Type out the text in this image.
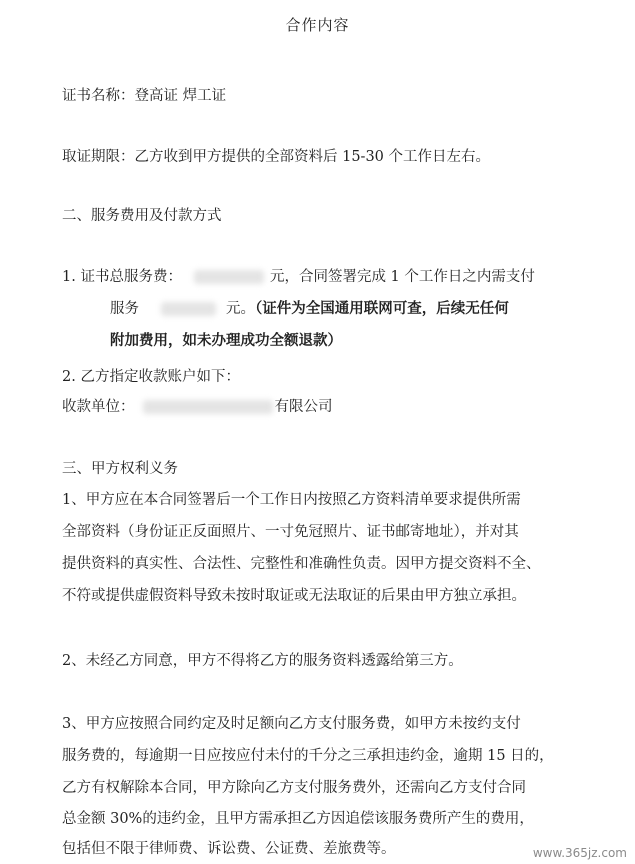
合作内容
证书名称：登高证 焊工证
取证期限：乙方收到甲方提供的全部资料后 15-30 个工作日左右。
二、服务费用及付款方式
1. 证书总服务费：	元，合同签署完成 1 个工作日之内需支付
服务	元。（证件为全国通用联网可查，后续无任何
附加费用，如未办理成功全额退款）
2. 乙方指定收款账户如下：
收款单位：	有限公司
三、甲方权利义务
1、甲方应在本合同签署后一个工作日内按照乙方资料清单要求提供所需
全部资料（身份证正反面照片、一寸免冠照片、证书邮寄地址），并对其
提供资料的真实性、合法性、完整性和准确性负责。因甲方提交资料不全、
不符或提供虚假资料导致未按时取证或无法取证的后果由甲方独立承担。
2、未经乙方同意，甲方不得将乙方的服务资料透露给第三方。
3、甲方应按照合同约定及时足额向乙方支付服务费，如甲方未按约支付
服务费的，每逾期一日应按应付未付的千分之三承担违约金，逾期 15 日的，
乙方有权解除本合同，甲方除向乙方支付服务费外，还需向乙方支付合同
总金额 30%的违约金，且甲方需承担乙方因追偿该服务费所产生的费用，
包括但不限于律师费、诉讼费、公证费、差旅费等。	www.365jz.com
